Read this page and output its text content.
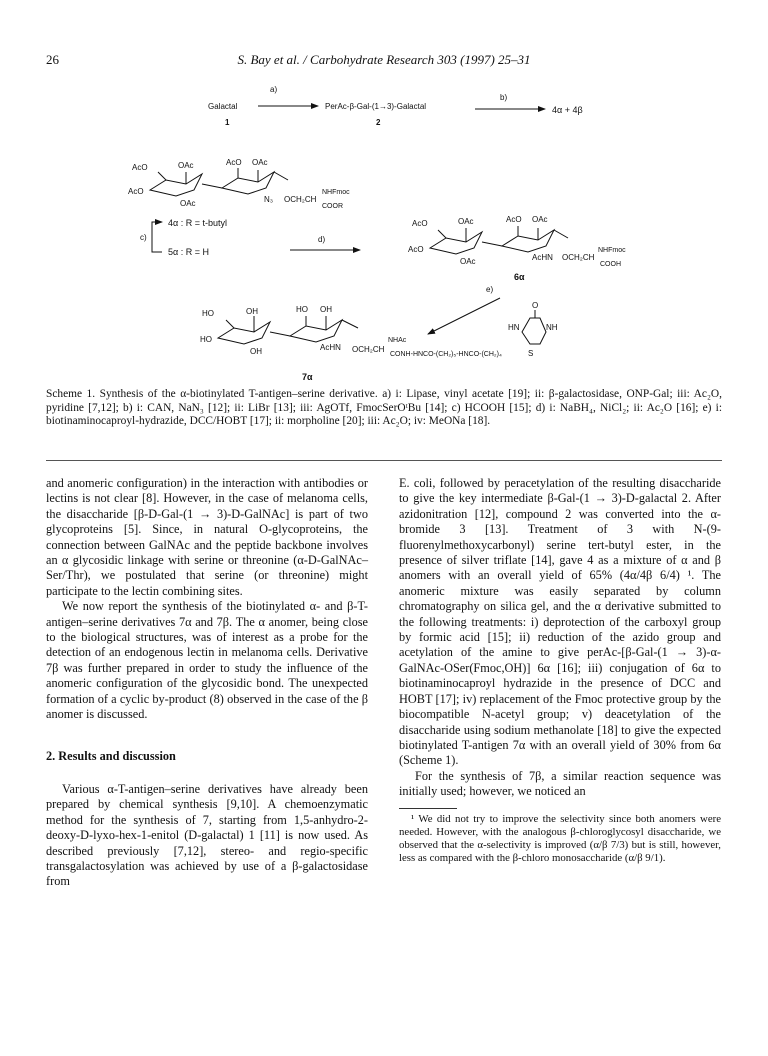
26	S. Bay et al. / Carbohydrate Research 303 (1997) 25–31
a)
Galactal
1
PerAc-β-Gal-(1→3)-Galactal
2
b)
4α + 4β
AcO	OAc	AcO OAc
AcO
OAc	N₃ OCH₂CH
NHFmoc
COOR
c)
4α : R = t-butyl
5α : R = H
d)
AcO	OAc	AcO OAc
AcO
OAc	AcHN OCH₂CH
NHFmoc
COOH
6α
e)
HO	OH	HO OH
HO
OH	AcHN OCH₂CH
NHAc
CONH-HNCO-(CH₂)₅-HNCO-(CH₂)₄
O
HN	NH
S
7α
Scheme 1. Synthesis of the α-biotinylated T-antigen–serine derivative. a) i: Lipase, vinyl acetate [19]; ii: β-galactosidase, ONP-Gal; iii: Ac₂O, pyridine [7,12]; b) i: CAN, NaN₃ [12]; ii: LiBr [13]; iii: AgOTf, FmocSerOᵗBu [14]; c) HCOOH [15]; d) i: NaBH₄, NiCl₂; ii: Ac₂O [16]; e) i: biotinaminocaproyl-hydrazide, DCC/HOBT [17]; ii: morpholine [20]; iii: Ac₂O; iv: MeONa [18].

and anomeric configuration) in the interaction with antibodies or lectins is not clear [8]. However, in the case of melanoma cells, the disaccharide [β-D-Gal-(1 → 3)-D-GalNAc] is part of two glycoproteins [5]. Since, in natural O-glycoproteins, the connection between GalNAc and the peptide backbone involves an α glycosidic linkage with serine or threonine (α-D-GalNAc–Ser/Thr), we postulated that serine (or threonine) might participate to the lectin combining sites.

We now report the synthesis of the biotinylated α- and β-T-antigen–serine derivatives 7α and 7β. The α anomer, being close to the biological structures, was of interest as a probe for the detection of an endogenous lectin in melanoma cells. Derivative 7β was further prepared in order to study the influence of the anomeric configuration of the glycosidic bond. The unexpected formation of a cyclic by-product (8) observed in the case of the β anomer is discussed.

2. Results and discussion

Various α-T-antigen–serine derivatives have already been prepared by chemical synthesis [9,10]. A chemoenzymatic method for the synthesis of 7, starting from 1,5-anhydro-2-deoxy-D-lyxo-hex-1-enitol (D-galactal) 1 [11] is now used. As described previously [7,12], stereo- and regio-specific transgalactosylation was achieved by use of a β-galactosidase from

E. coli, followed by peracetylation of the resulting disaccharide to give the key intermediate β-Gal-(1 → 3)-D-galactal 2. After azidonitration [12], compound 2 was converted into the α-bromide 3 [13]. Treatment of 3 with N-(9-fluorenylmethoxycarbonyl) serine tert-butyl ester, in the presence of silver triflate [14], gave 4 as a mixture of α and β anomers with an overall yield of 65% (4α/4β 6/4) ¹. The anomeric mixture was easily separated by column chromatography on silica gel, and the α derivative submitted to the following treatments: i) deprotection of the carboxyl group by formic acid [15]; ii) reduction of the azido group and acetylation of the amine to give perAc-[β-Gal-(1 → 3)-α-GalNAc-OSer(Fmoc,OH)] 6α [16]; iii) conjugation of 6α to biotinaminocaproyl hydrazide in the presence of DCC and HOBT [17]; iv) replacement of the Fmoc protective group by the biocompatible N-acetyl group; v) deacetylation of the disaccharide using sodium methanolate [18] to give the expected biotinylated T-antigen 7α with an overall yield of 30% from 6α (Scheme 1).

For the synthesis of 7β, a similar reaction sequence was initially used; however, we noticed an

¹ We did not try to improve the selectivity since both anomers were needed. However, with the analogous β-chloroglycosyl disaccharide, we observed that the α-selectivity is improved (α/β 7/3) but is still, however, less as compared with the β-chloro monosaccharide (α/β 9/1).
